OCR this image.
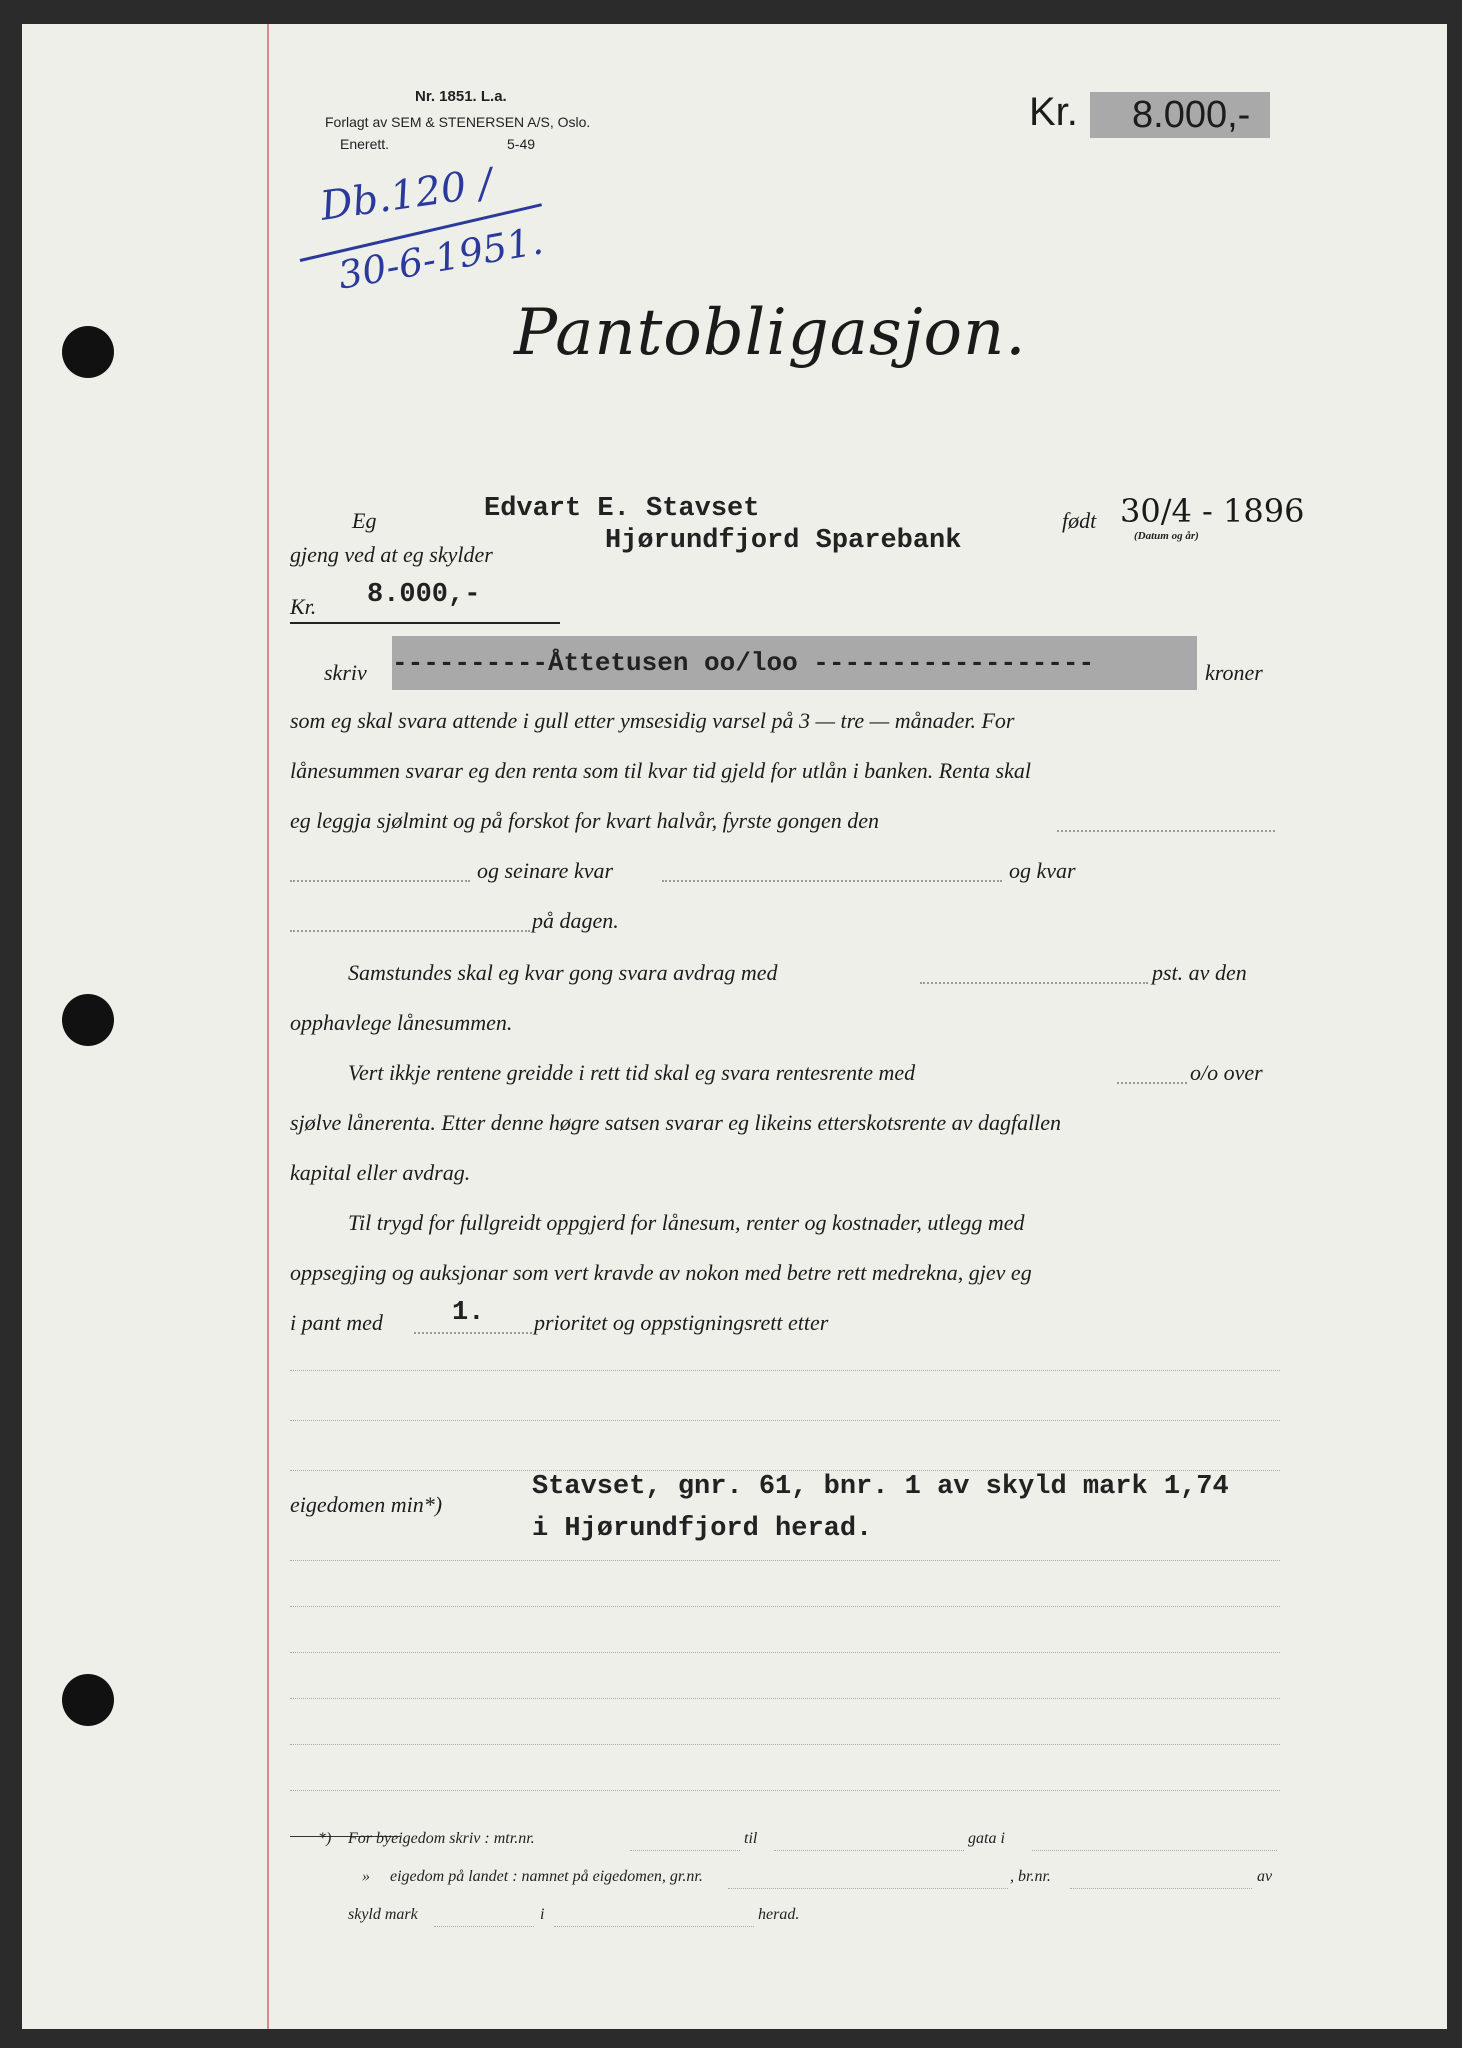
Nr. 1851. L.a.
Forlagt av SEM & STENERSEN A/S, Oslo.
Enerett.	5-49
Kr. 8.000,-
Db.120 /
30-6-1951.
Pantobligasjon.
Eg	Edvart E. Stavset	født 30/4 - 1896
(Datum og år)
gjeng ved at eg skylder	Hjørundfjord Sparebank
Kr. 8.000,-
skriv ----------Åttetusen oo/loo ------------------	kroner
som eg skal svara attende i gull etter ymsesidig varsel på 3 — tre — månader. For
lånesummen svarar eg den renta som til kvar tid gjeld for utlån i banken. Renta skal
eg leggja sjølmint og på forskot for kvart halvår, fyrste gongen den
og seinare kvar	og kvar
på dagen.
Samstundes skal eg kvar gong svara avdrag med	pst. av den
opphavlege lånesummen.
Vert ikkje rentene greidde i rett tid skal eg svara rentesrente med	o/o over
sjølve lånerenta. Etter denne høgre satsen svarar eg likeins etterskotsrente av dagfallen
kapital eller avdrag.
Til trygd for fullgreidt oppgjerd for lånesum, renter og kostnader, utlegg med
oppsegjing og auksjonar som vert kravde av nokon med betre rett medrekna, gjev eg
i pant med	1. prioritet og oppstigningsrett etter
eigedomen min*)
Stavset, gnr. 61, bnr. 1 av skyld mark 1,74
i Hjørundfjord herad.
*) For byeigedom skriv : mtr.nr.	til	gata i
» eigedom på landet : namnet på eigedomen, gr.nr.	, br.nr.	av
skyld mark	i	herad.
